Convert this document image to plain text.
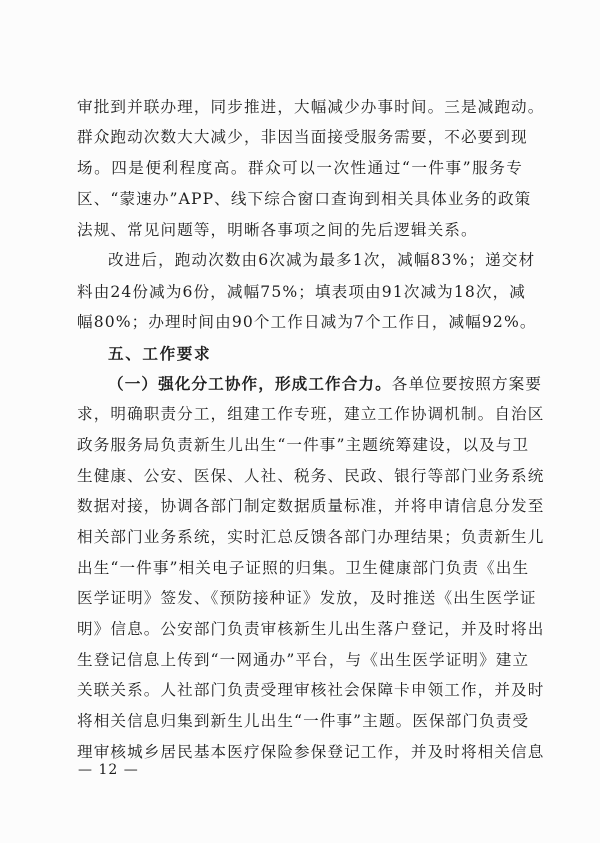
审批到并联办理，同步推进，大幅减少办事时间。三是减跑动。
群众跑动次数大大减少，非因当面接受服务需要，不必要到现
场。四是便利程度高。群众可以一次性通过“一件事”服务专
区、“蒙速办”APP、线下综合窗口查询到相关具体业务的政策
法规、常见问题等，明晰各事项之间的先后逻辑关系。
改进后，跑动次数由6次减为最多1次，减幅83%；递交材
料由24份减为6份，减幅75%；填表项由91次减为18次，减
幅80%；办理时间由90个工作日减为7个工作日，减幅92%。
五、工作要求
（一）强化分工协作，形成工作合力。各单位要按照方案要
求，明确职责分工，组建工作专班，建立工作协调机制。自治区
政务服务局负责新生儿出生“一件事”主题统筹建设，以及与卫
生健康、公安、医保、人社、税务、民政、银行等部门业务系统
数据对接，协调各部门制定数据质量标准，并将申请信息分发至
相关部门业务系统，实时汇总反馈各部门办理结果；负责新生儿
出生“一件事”相关电子证照的归集。卫生健康部门负责《出生
医学证明》签发、《预防接种证》发放，及时推送《出生医学证
明》信息。公安部门负责审核新生儿出生落户登记，并及时将出
生登记信息上传到“一网通办”平台，与《出生医学证明》建立
关联关系。人社部门负责受理审核社会保障卡申领工作，并及时
将相关信息归集到新生儿出生“一件事”主题。医保部门负责受
理审核城乡居民基本医疗保险参保登记工作，并及时将相关信息
— 12 —
